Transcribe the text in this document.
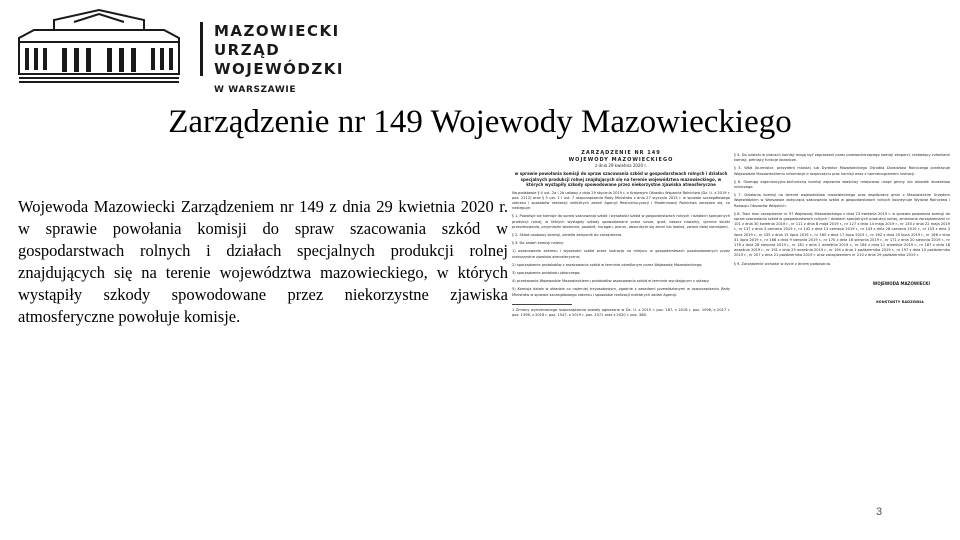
MAZOWIECKI
URZĄD WOJEWÓDZKI
W WARSZAWIE
Zarządzenie nr 149 Wojewody Mazowieckiego
Wojewoda Mazowiecki Zarządzeniem nr 149 z dnia 29 kwietnia 2020 r. w sprawie powołania komisji do spraw szacowania szkód w gospodarstwach rolnych i działach specjalnych produkcji rolnej znajdujących się na terenie województwa mazowieckiego, w których wystąpiły szkody spowodowane przez niekorzystne zjawiska atmosferyczne powołuje komisje.
ZARZĄDZENIE NR 149
WOJEWODY MAZOWIECKIEGO
z dnia 29 kwietnia 2020 r.
w sprawie powołania komisji do spraw szacowania szkód w gospodarstwach rolnych i działach specjalnych produkcji rolnej znajdujących się na terenie województwa mazowieckiego, w których wystąpiły szkody spowodowane przez niekorzystne zjawiska atmosferyczne
Na podstawie § 4 ust. 2a i 2b ustawy z dnia 29 stycznia 2019 r. o Krajowym Ośrodku Wsparcia Rolnictwa (Dz. U. z 2019 r. poz. 2112) oraz § 5 ust. 1 i ust. 7 rozporządzenia Rady Ministrów z dnia 27 stycznia 2015 r. w sprawie szczegółowego zakresu i sposobów realizacji niektórych zadań Agencji Restrukturyzacji i Modernizacji Rolnictwa zarządza się, co następuje:
§ 1. Powołuje się komisje do spraw szacowania szkód i wysokości szkód w gospodarstwach rolnych i działach specjalnych produkcji rolnej, w których wystąpiły szkody spowodowane przez susze, grad, deszcz nawalny, ujemne skutki przezimowania, przymrozki wiosenne, powódź, huragan, piorun, obsunięcie się ziemi lub lawinę, zwane dalej komisjami.
§ 2. Skład osobowy komisji, określa załącznik do zarządzenia.
§ 3. Do zadań komisji należy:
1) oszacowanie zakresu i wysokości szkód przez lustrację na miejscu w gospodarstwach poszkodowanych przez niekorzystne zjawiska atmosferyczne;
2) sporządzenie protokołów z oszacowania szkód w terminie określonym przez Wojewodę Mazowieckiego;
3) sporządzenie protokołu zbiorczego;
4) przekazanie Wojewodzie Mazowieckiemu protokołów oszacowania szkód w terminie wynikającym z ustawy.
5) Komisja działa w składzie co najmniej trzyosobowym, zgodnie z zasadami przewidzianymi w rozporządzeniu Rady Ministrów w sprawie szczegółowego zakresu i sposobów realizacji niektórych zadań Agencji.
1 Zmiany wymienionego rozporządzenia zostały ogłoszone w Dz. U. z 2015 r. poz. 187, z 2016 r. poz. 1098, z 2017 r. poz. 1396, z 2018 r. poz. 1547, z 2019 r. poz. 2071 oraz z 2020 r. poz. 388.
§ 4. Do udziału w pracach komisji mogą być zapraszani przez przewodniczącego komisji eksperci, niebędący członkami komisji, pełniący funkcje doradcze.
§ 5. Wójt (burmistrz, prezydent miasta) lub Dyrektor Mazowieckiego Ośrodka Doradztwa Rolniczego przekazuje Wojewodzie Mazowieckiemu informacje o rozpoczęciu prac komisji wraz z harmonogramem lustracji.
§ 6. Obsługę organizacyjno-techniczną komisji zapewnia właściwy miejscowo urząd gminy lub ośrodek doradztwa rolniczego.
§ 7. Działania komisji na terenie województwa mazowieckiego oraz współpracę gmin z Mazowieckim Urzędem Wojewódzkim w Warszawie dotyczącą szacowania szkód w gospodarstwach rolnych koordynuje Wydział Rolnictwa i Rozwoju Obszarów Wiejskich.
§ 8. Traci moc zarządzenie nr 97 Wojewody Mazowieckiego z dnia 23 kwietnia 2019 r. w sprawie powołania komisji do spraw szacowania szkód w gospodarstwach rolnych i działach specjalnych produkcji rolnej, zmienione zarządzeniami nr 101 z dnia 30 kwietnia 2019 r., nr 111 z dnia 8 maja 2019 r., nr 127 z dnia 14 maja 2019 r., nr 130 z dnia 22 maja 2019 r., nr 137 z dnia 3 czerwca 2019 r., nr 142 z dnia 13 czerwca 2019 r., nr 143 z dnia 28 czerwca 2019 r., nr 153 z dnia 3 lipca 2019 r., nr 155 z dnia 15 lipca 2019 r., nr 160 z dnia 17 lipca 2019 r., nr 162 z dnia 25 lipca 2019 r., nr 166 z dnia 31 lipca 2019 r., nr 168 z dnia 9 sierpnia 2019 r., nr 170 z dnia 16 sierpnia 2019 r., nr 171 z dnia 20 sierpnia 2019 r., nr 176 z dnia 28 sierpnia 2019 r., nr 181 z dnia 2 września 2019 r., nr 184 z dnia 11 września 2019 r., nr 187 z dnia 18 września 2019 r., nr 191 z dnia 25 września 2019 r., nr 194 z dnia 1 października 2019 r., nr 197 z dnia 10 października 2019 r., nr 207 z dnia 21 października 2019 r. oraz zarządzeniem nr 210 z dnia 29 października 2019 r.
§ 9. Zarządzenie wchodzi w życie z dniem podpisania.
WOJEWODA MAZOWIECKI
KONSTANTY RADZIWIŁŁ
3
